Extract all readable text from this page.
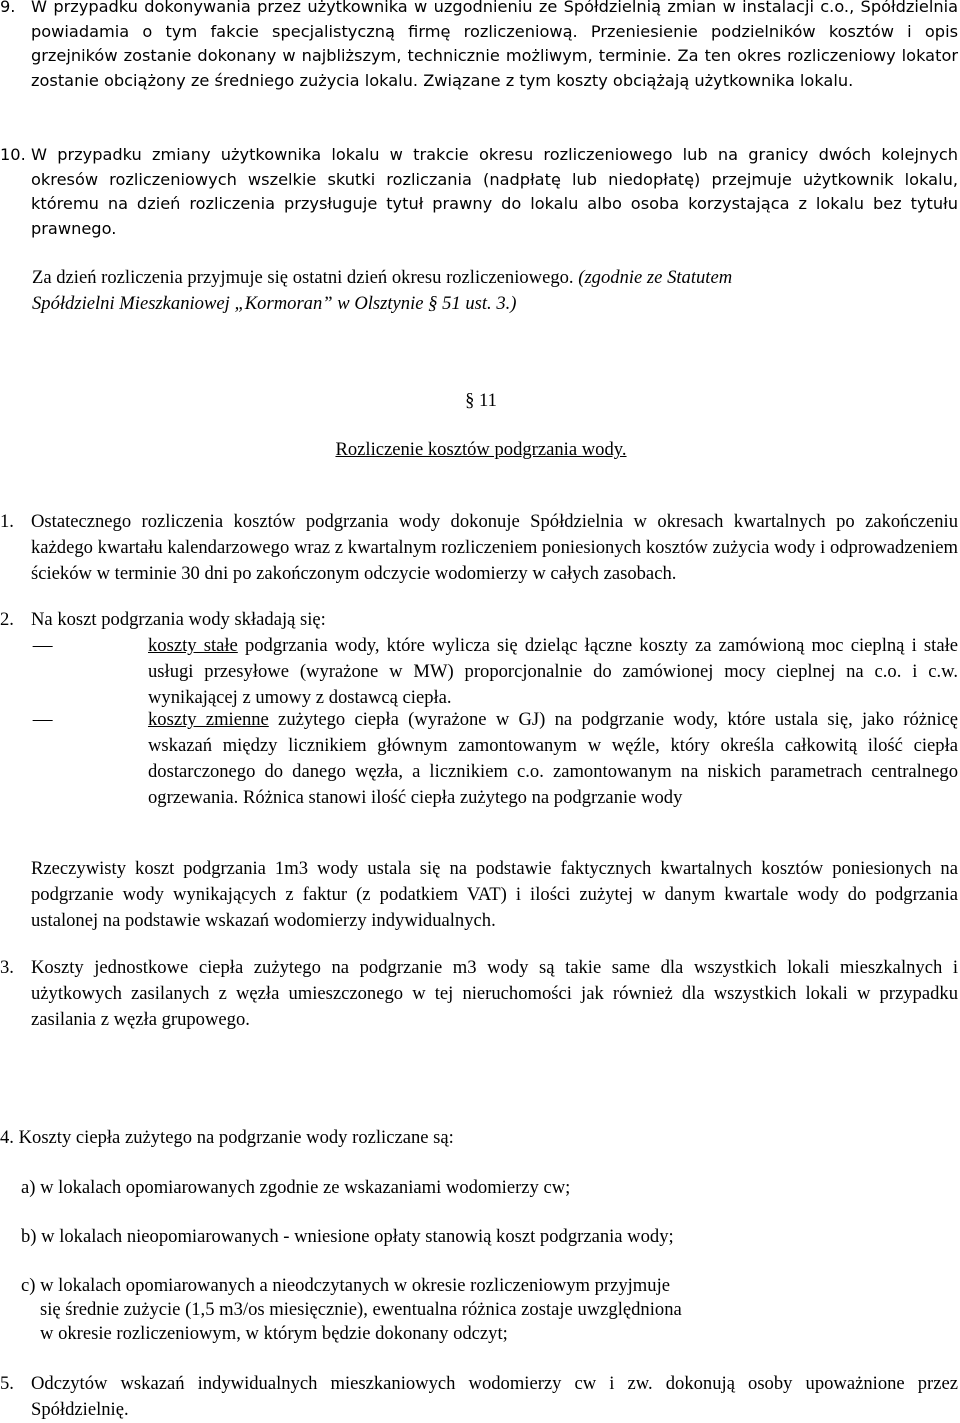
9. W przypadku dokonywania przez użytkownika w uzgodnieniu ze Spółdzielnią zmian w instalacji c.o., Spółdzielnia powiadamia o tym fakcie specjalistyczną firmę rozliczeniową. Przeniesienie podzielników kosztów i opis grzejników zostanie dokonany w najbliższym, technicznie możliwym, terminie. Za ten okres rozliczeniowy lokator zostanie obciążony ze średniego zużycia lokalu. Związane z tym koszty obciążają użytkownika lokalu.

10. W przypadku zmiany użytkownika lokalu w trakcie okresu rozliczeniowego lub na granicy dwóch kolejnych okresów rozliczeniowych wszelkie skutki rozliczania (nadpłatę lub niedopłatę) przejmuje użytkownik lokalu, któremu na dzień rozliczenia przysługuje tytuł prawny do lokalu albo osoba korzystająca z lokalu bez tytułu prawnego.

Za dzień rozliczenia przyjmuje się ostatni dzień okresu rozliczeniowego. (zgodnie ze Statutem Spółdzielni Mieszkaniowej „Kormoran” w Olsztynie § 51 ust. 3.)
§ 11
Rozliczenie kosztów podgrzania wody.
1. Ostatecznego rozliczenia kosztów podgrzania wody dokonuje Spółdzielnia w okresach kwartalnych po zakończeniu każdego kwartału kalendarzowego wraz z kwartalnym rozliczeniem poniesionych kosztów zużycia wody i odprowadzeniem ścieków w terminie 30 dni po zakończonym odczycie wodomierzy w całych zasobach.

2. Na koszt podgrzania wody składają się:

–	koszty stałe podgrzania wody, które wylicza się dzieląc łączne koszty za zamówioną moc cieplną i stałe usługi przesyłowe (wyrażone w MW) proporcjonalnie do zamówionej mocy cieplnej na c.o. i c.w. wynikającej z umowy z dostawcą ciepła.

–	koszty zmienne zużytego ciepła (wyrażone w GJ) na podgrzanie wody, które ustala się, jako różnicę wskazań między licznikiem głównym zamontowanym w węźle, który określa całkowitą ilość ciepła dostarczonego do danego węzła, a licznikiem c.o. zamontowanym na niskich parametrach centralnego ogrzewania. Różnica stanowi ilość ciepła zużytego na podgrzanie wody

Rzeczywisty koszt podgrzania 1m3 wody ustala się na podstawie faktycznych kwartalnych kosztów poniesionych na podgrzanie wody wynikających z faktur (z podatkiem VAT) i ilości zużytej w danym kwartale wody do podgrzania ustalonej na podstawie wskazań wodomierzy indywidualnych.

3. Koszty jednostkowe ciepła zużytego na podgrzanie m3 wody są takie same dla wszystkich lokali mieszkalnych i użytkowych zasilanych z węzła umieszczonego w tej nieruchomości jak również dla wszystkich lokali w przypadku zasilania z węzła grupowego.

4. Koszty ciepła zużytego na podgrzanie wody rozliczane są:
a) w lokalach opomiarowanych zgodnie ze wskazaniami wodomierzy cw;
b) w lokalach nieopomiarowanych - wniesione opłaty stanowią koszt podgrzania wody;
c) w lokalach opomiarowanych a nieodczytanych w okresie rozliczeniowym przyjmuje
się średnie zużycie (1,5 m3/os miesięcznie), ewentualna różnica zostaje uwzględniona
w okresie rozliczeniowym, w którym będzie dokonany odczyt;
5. Odczytów wskazań indywidualnych mieszkaniowych wodomierzy cw i zw. dokonują osoby upoważnione przez Spółdzielnię.
